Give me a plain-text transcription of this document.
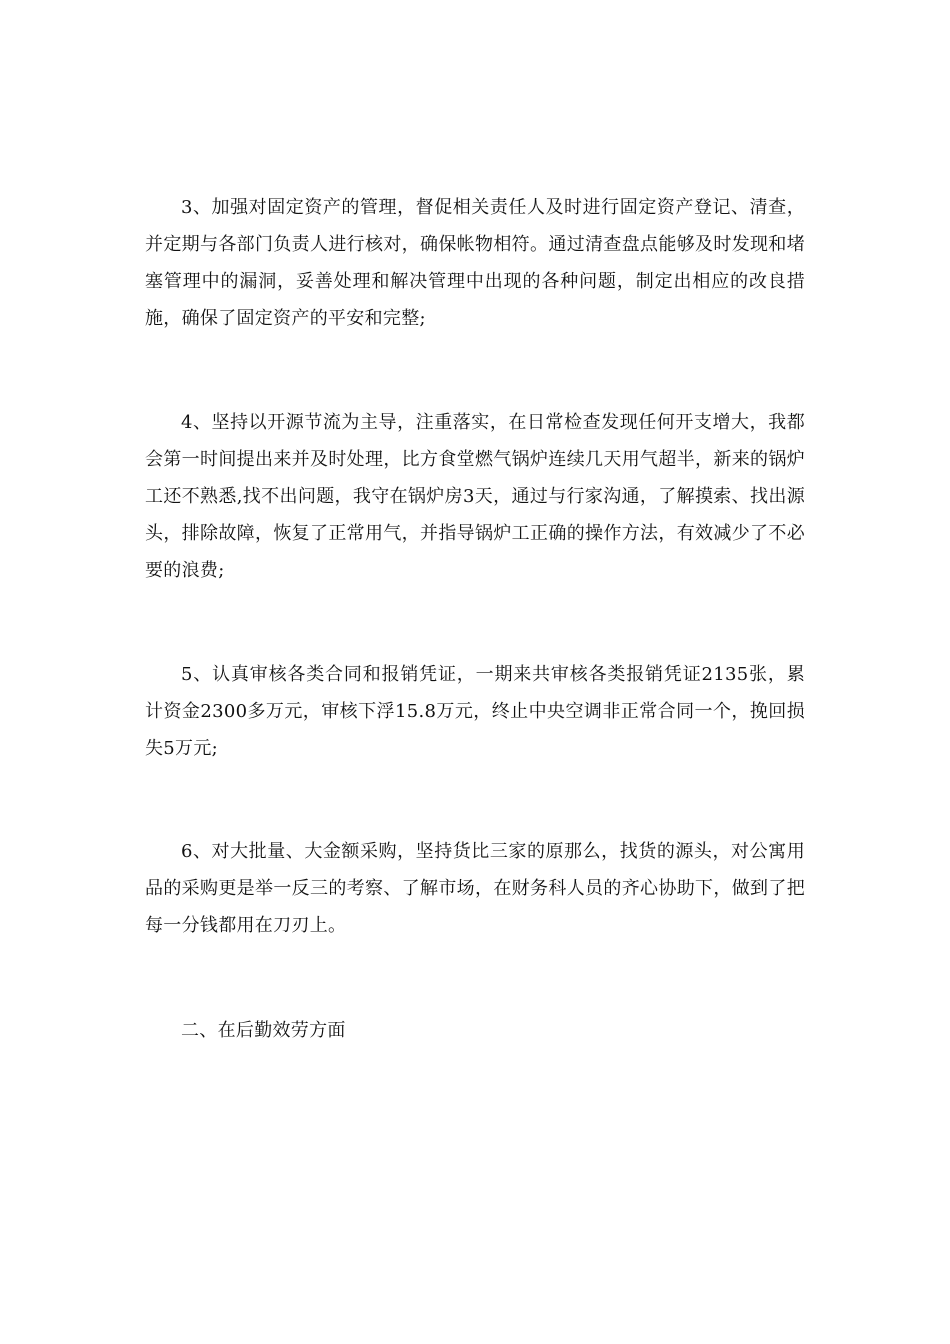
3、加强对固定资产的管理，督促相关责任人及时进行固定资产登记、清查，并定期与各部门负责人进行核对，确保帐物相符。通过清查盘点能够及时发现和堵塞管理中的漏洞，妥善处理和解决管理中出现的各种问题，制定出相应的改良措施，确保了固定资产的平安和完整;

4、坚持以开源节流为主导，注重落实，在日常检查发现任何开支增大，我都会第一时间提出来并及时处理，比方食堂燃气锅炉连续几天用气超半，新来的锅炉工还不熟悉,找不出问题，我守在锅炉房3天，通过与行家沟通，了解摸索、找出源头，排除故障，恢复了正常用气，并指导锅炉工正确的操作方法，有效减少了不必要的浪费;

5、认真审核各类合同和报销凭证，一期来共审核各类报销凭证2135张，累计资金2300多万元，审核下浮15.8万元，终止中央空调非正常合同一个，挽回损失5万元;

6、对大批量、大金额采购，坚持货比三家的原那么，找货的源头，对公寓用品的采购更是举一反三的考察、了解市场，在财务科人员的齐心协助下，做到了把每一分钱都用在刀刃上。

二、在后勤效劳方面
